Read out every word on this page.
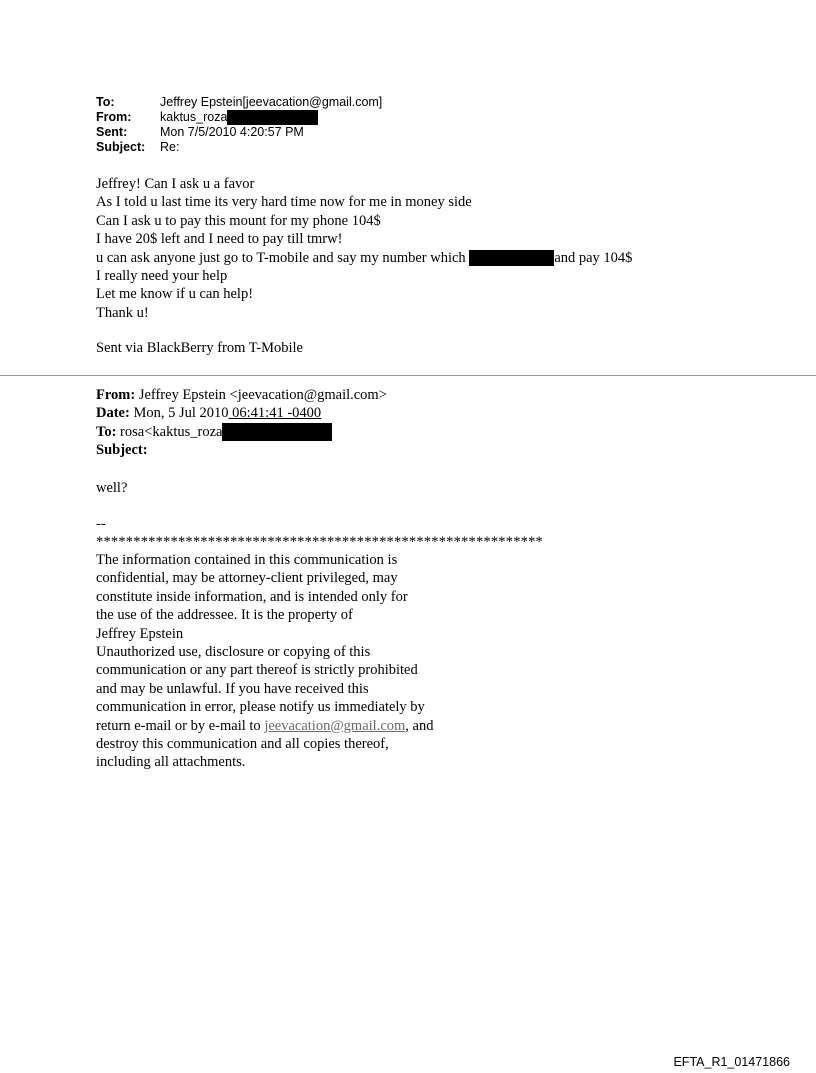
To:	Jeffrey Epstein[jeevacation@gmail.com]
From:	kaktus_roza
Sent:	Mon 7/5/2010 4:20:57 PM
Subject:	Re:
Jeffrey! Can I ask u a favor
As I told u last time its very hard time now for me in money side
Can I ask u to pay this mount for my phone 104$
I have 20$ left and I need to pay till tmrw!
u can ask anyone just go to T-mobile and say my number which	and pay 104$
I really need your help
Let me know if u can help!
Thank u!
Sent via BlackBerry from T-Mobile
From: Jeffrey Epstein <jeevacation@gmail.com>
Date: Mon, 5 Jul 2010 06:41:41 -0400
To: rosa<kaktus_roza
Subject:
well?
--
************************************************************
The information contained in this communication is
confidential, may be attorney-client privileged, may
constitute inside information, and is intended only for
the use of the addressee. It is the property of
Jeffrey Epstein
Unauthorized use, disclosure or copying of this
communication or any part thereof is strictly prohibited
and may be unlawful. If you have received this
communication in error, please notify us immediately by
return e-mail or by e-mail to jeevacation@gmail.com, and
destroy this communication and all copies thereof,
including all attachments.
EFTA_R1_01471866
